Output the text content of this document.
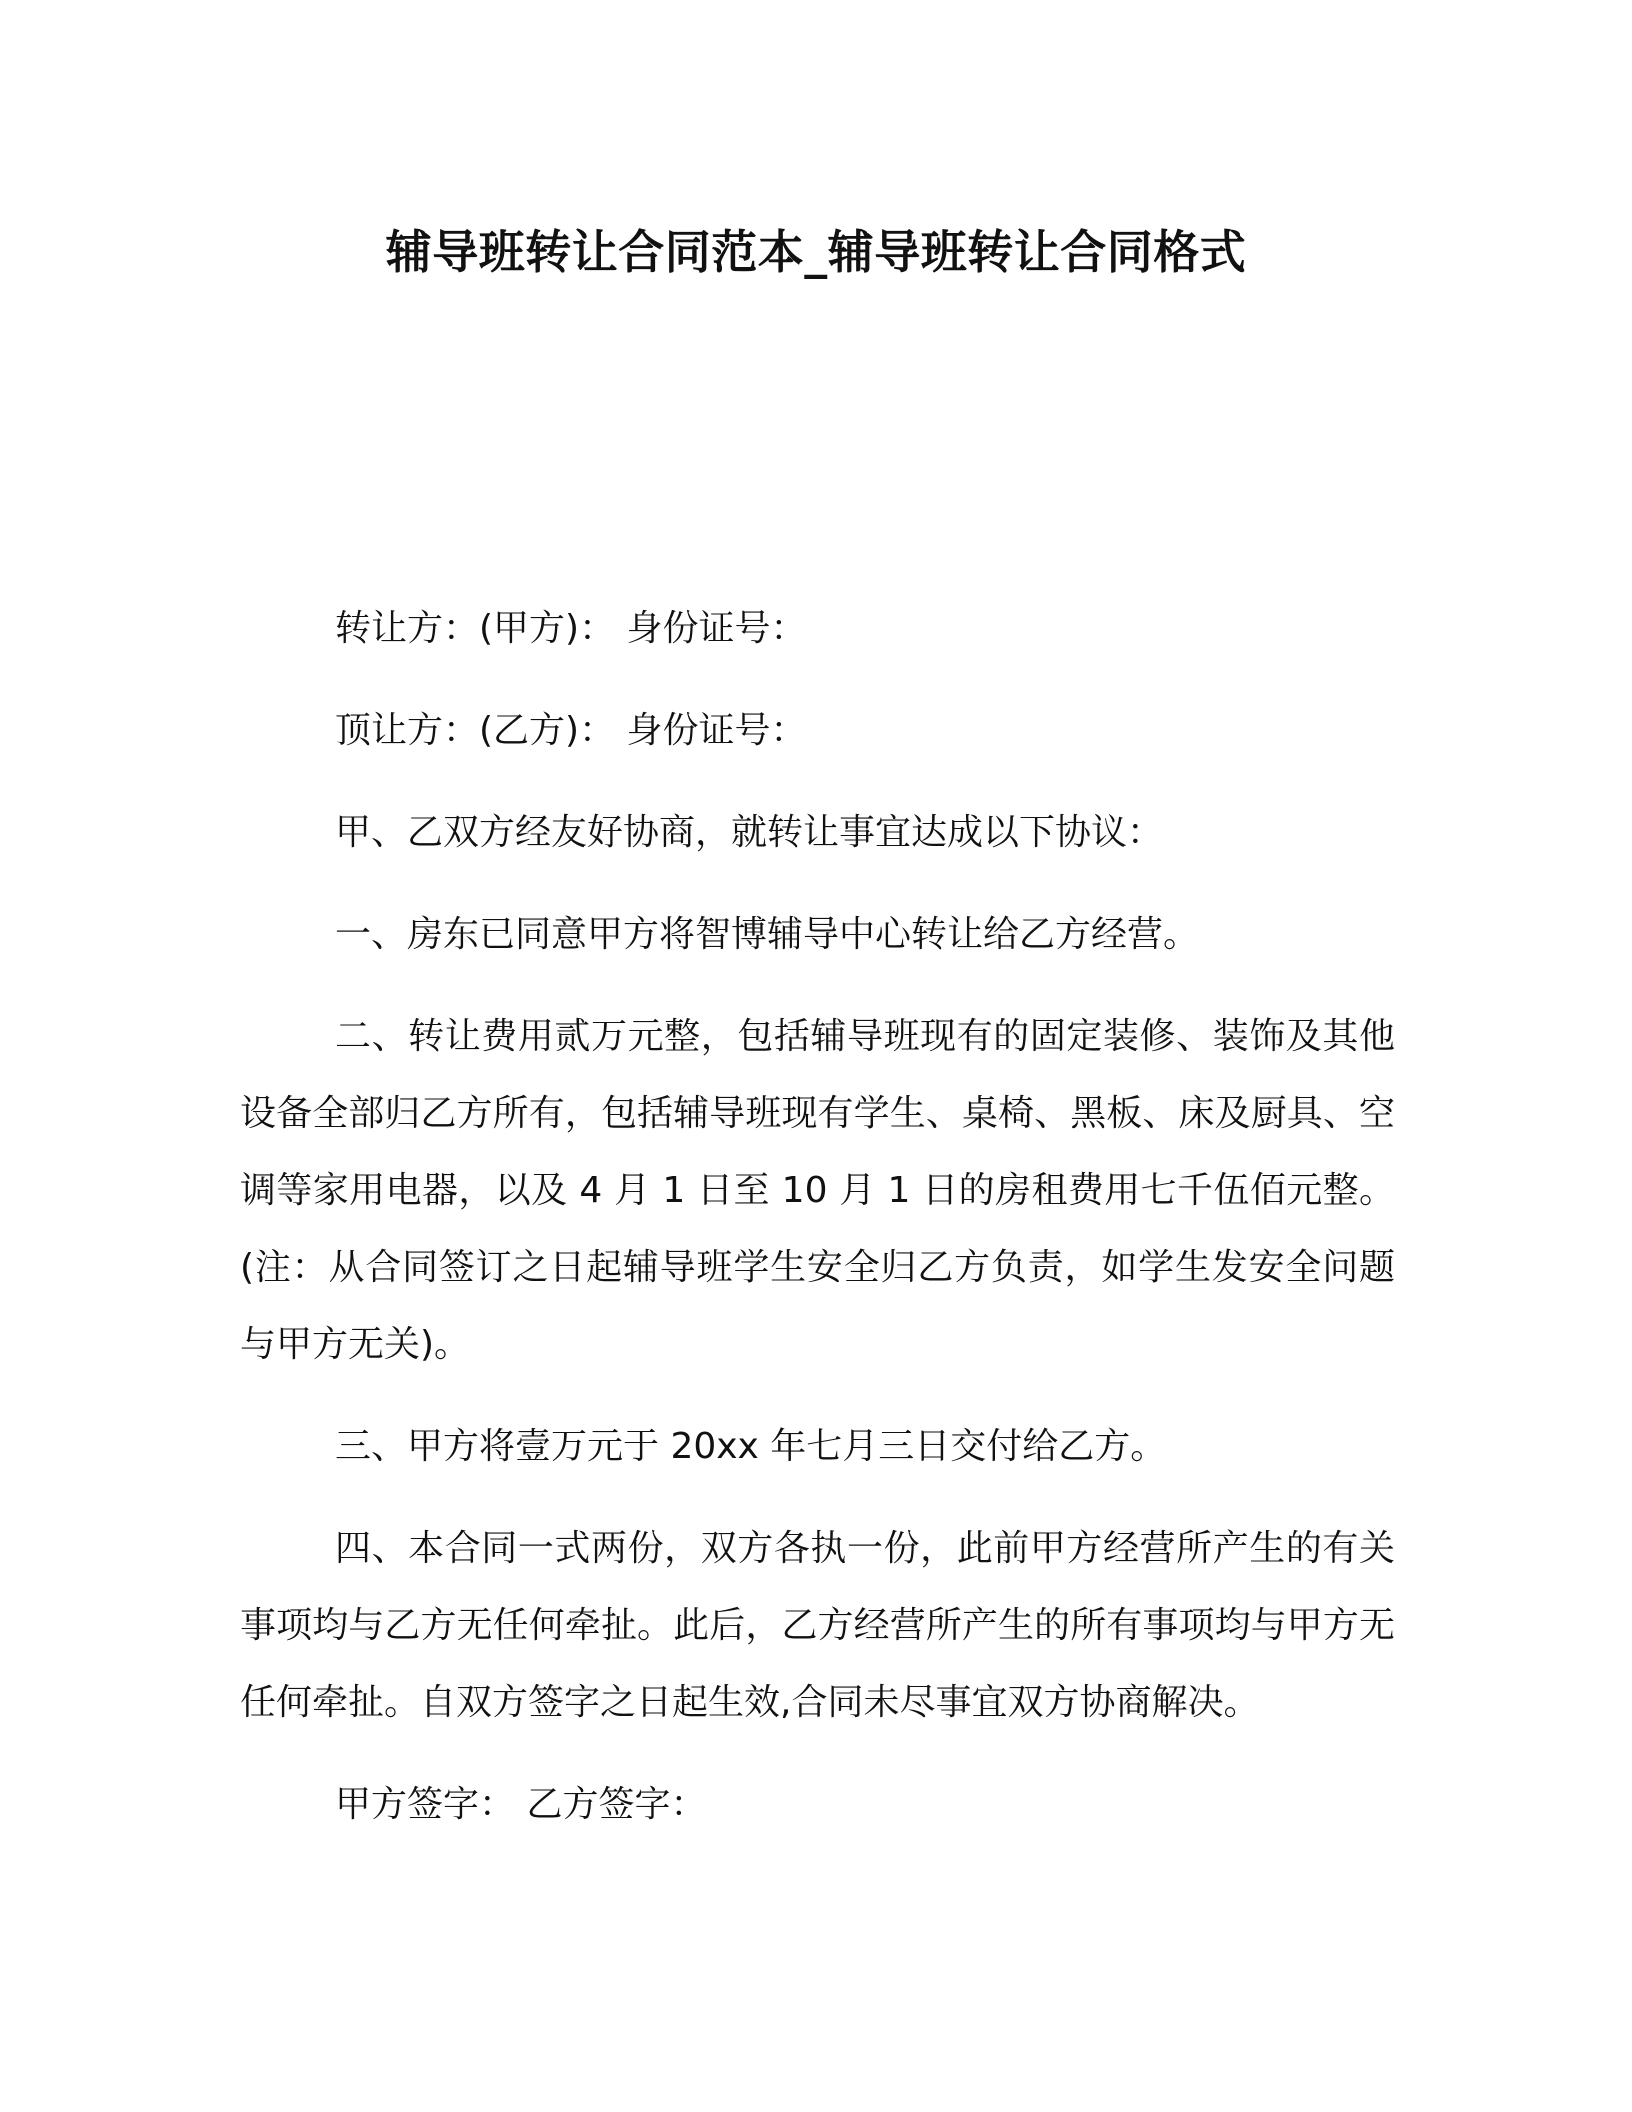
辅导班转让合同范本_辅导班转让合同格式

转让方：(甲方)： 身份证号：

顶让方：(乙方)： 身份证号：

甲、乙双方经友好协商，就转让事宜达成以下协议：

一、房东已同意甲方将智博辅导中心转让给乙方经营。

二、转让费用贰万元整，包括辅导班现有的固定装修、装饰及其他设备全部归乙方所有，包括辅导班现有学生、桌椅、黑板、床及厨具、空调等家用电器，以及 4 月 1 日至 10 月 1 日的房租费用七千伍佰元整。(注：从合同签订之日起辅导班学生安全归乙方负责，如学生发安全问题与甲方无关)。

三、甲方将壹万元于 20xx 年七月三日交付给乙方。

四、本合同一式两份，双方各执一份，此前甲方经营所产生的有关事项均与乙方无任何牵扯。此后，乙方经营所产生的所有事项均与甲方无任何牵扯。自双方签字之日起生效,合同未尽事宜双方协商解决。

甲方签字： 乙方签字：
